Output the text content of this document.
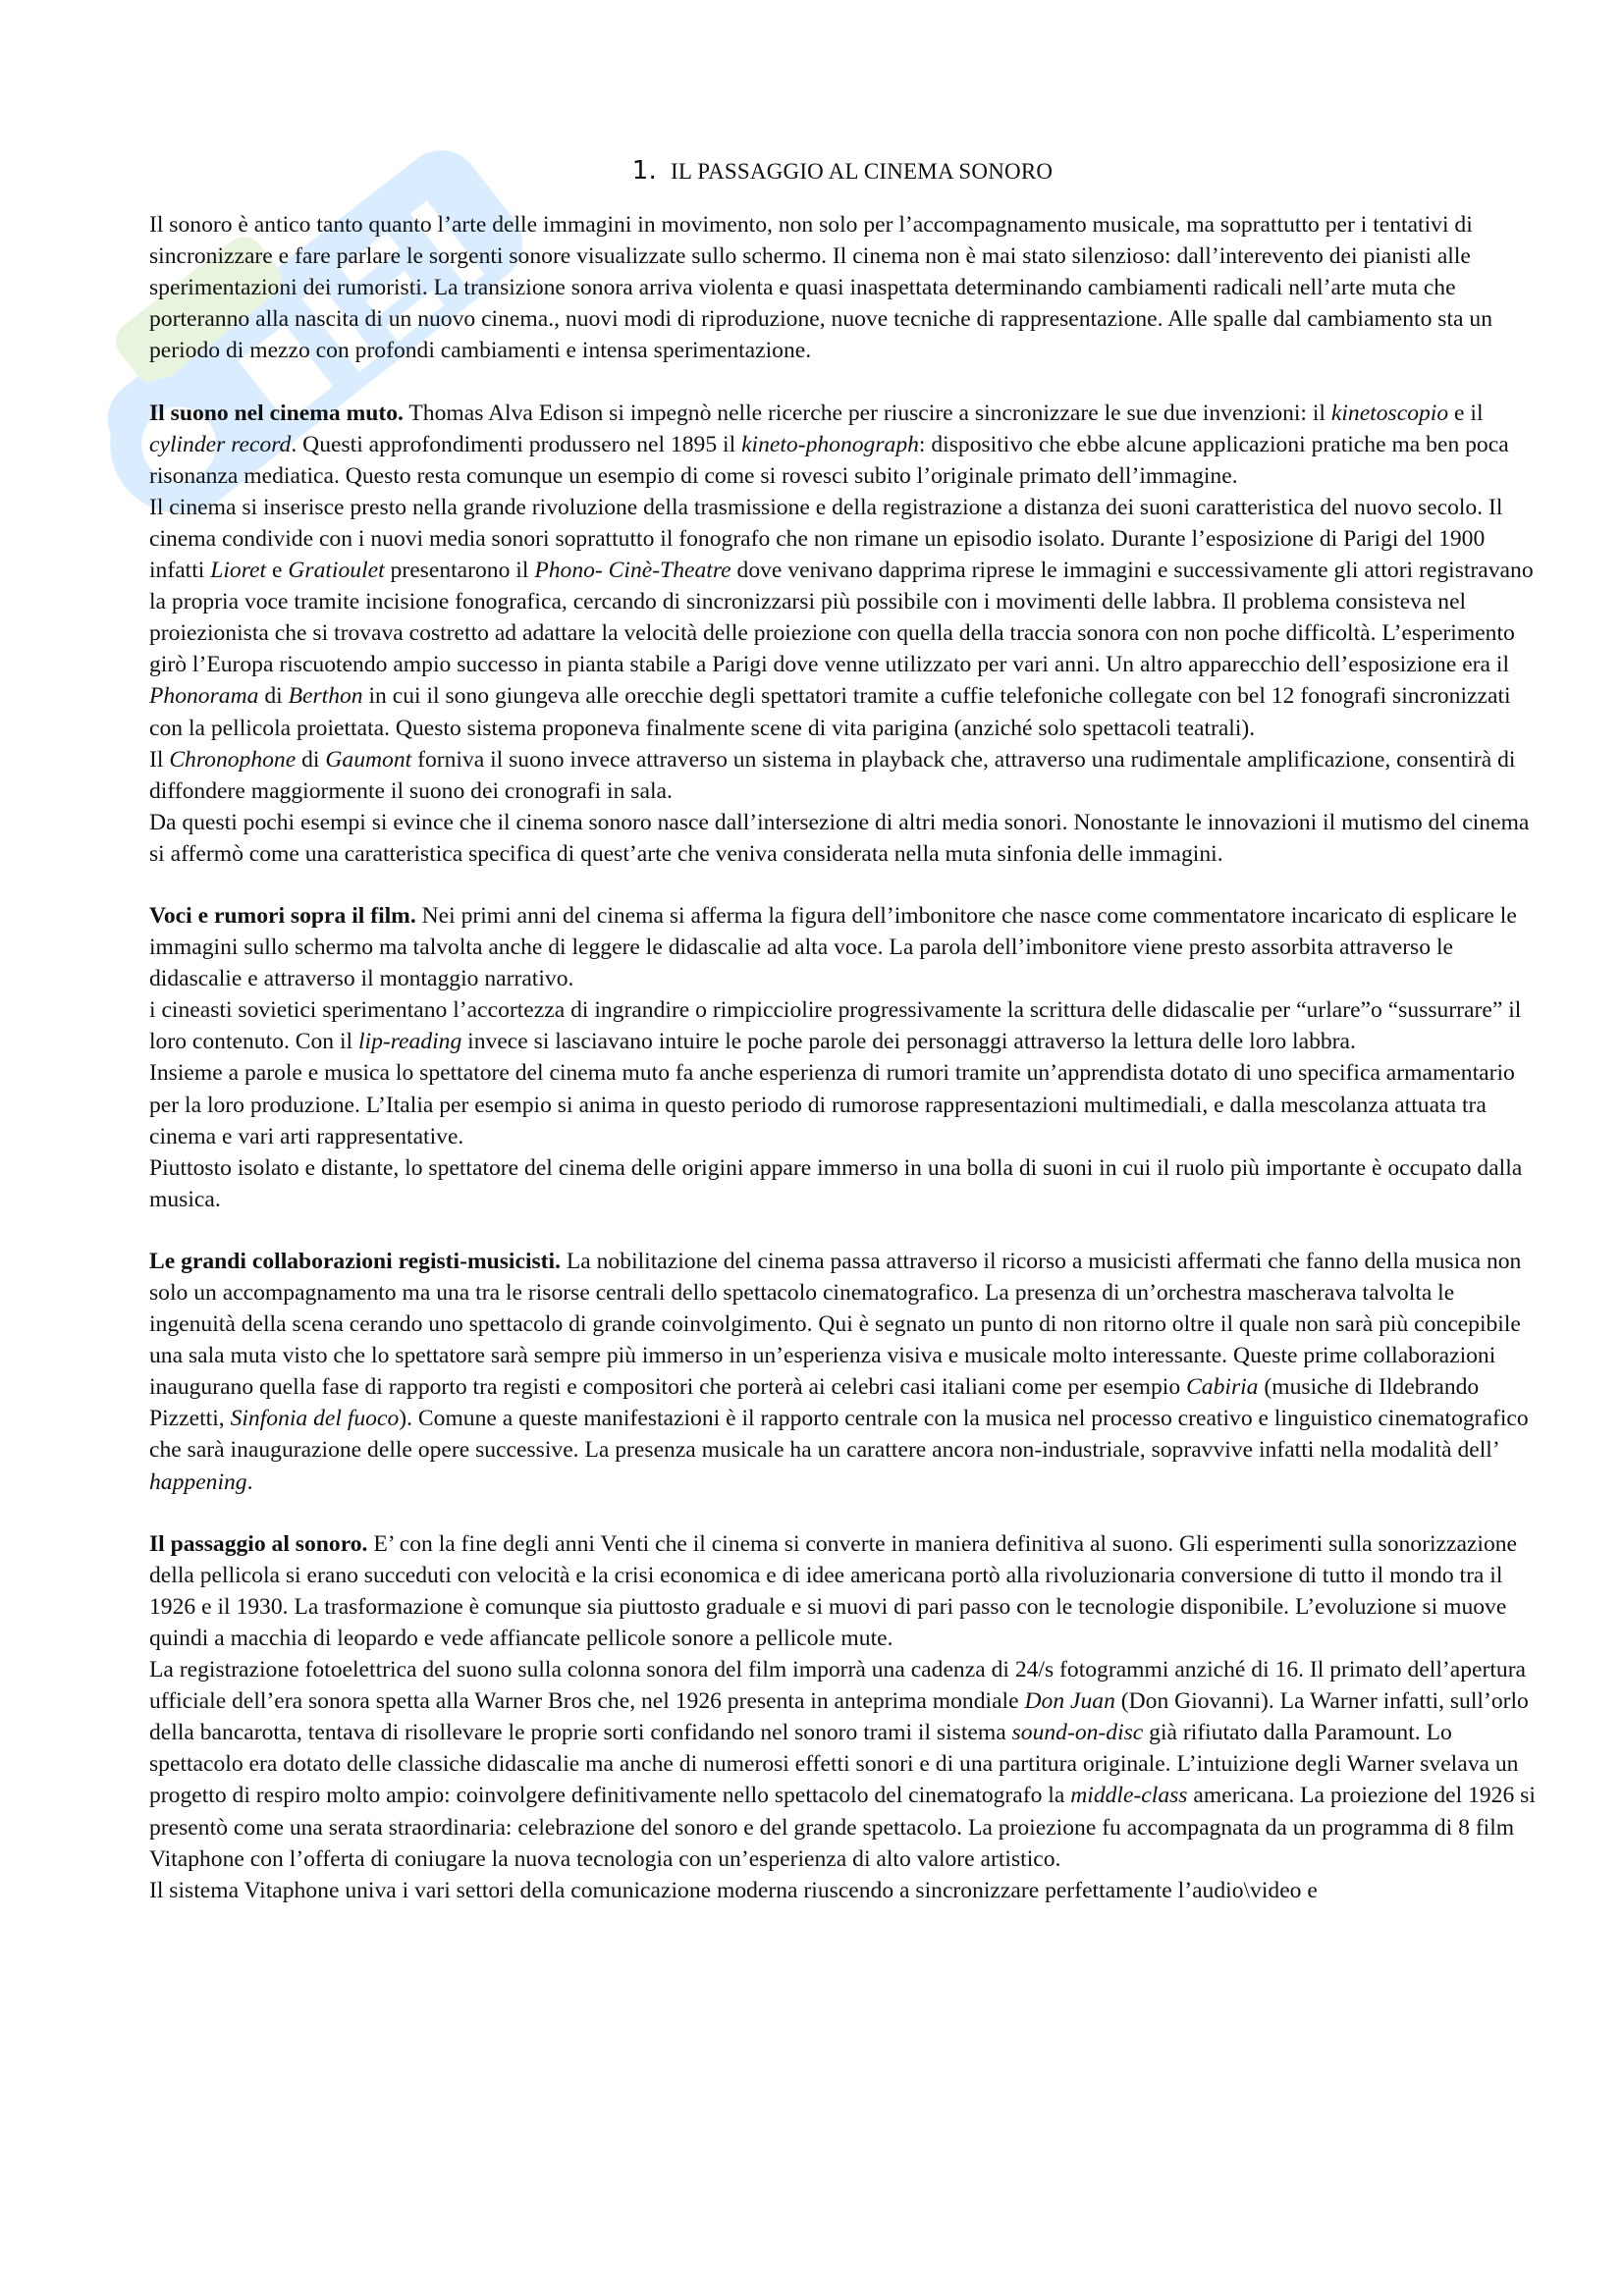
1. IL PASSAGGIO AL CINEMA SONORO

Il sonoro è antico tanto quanto l’arte delle immagini in movimento, non solo per l’accompagnamento musicale, ma soprattutto per i tentativi di sincronizzare e fare parlare le sorgenti sonore visualizzate sullo schermo. Il cinema non è mai stato silenzioso: dall’interevento dei pianisti alle sperimentazioni dei rumoristi. La transizione sonora arriva violenta e quasi inaspettata determinando cambiamenti radicali nell’arte muta che porteranno alla nascita di un nuovo cinema., nuovi modi di riproduzione, nuove tecniche di rappresentazione. Alle spalle dal cambiamento sta un periodo di mezzo con profondi cambiamenti e intensa sperimentazione.

Il suono nel cinema muto. Thomas Alva Edison si impegnò nelle ricerche per riuscire a sincronizzare le sue due invenzioni: il kinetoscopio e il cylinder record. Questi approfondimenti produssero nel 1895 il kineto-phonograph: dispositivo che ebbe alcune applicazioni pratiche ma ben poca risonanza mediatica. Questo resta comunque un esempio di come si rovesci subito l’originale primato dell’immagine.

Il cinema si inserisce presto nella grande rivoluzione della trasmissione e della registrazione a distanza dei suoni caratteristica del nuovo secolo. Il cinema condivide con i nuovi media sonori soprattutto il fonografo che non rimane un episodio isolato. Durante l’esposizione di Parigi del 1900 infatti Lioret e Gratioulet presentarono il Phono- Cinè-Theatre dove venivano dapprima riprese le immagini e successivamente gli attori registravano la propria voce tramite incisione fonografica, cercando di sincronizzarsi più possibile con i movimenti delle labbra. Il problema consisteva nel proiezionista che si trovava costretto ad adattare la velocità delle proiezione con quella della traccia sonora con non poche difficoltà. L’esperimento girò l’Europa riscuotendo ampio successo in pianta stabile a Parigi dove venne utilizzato per vari anni. Un altro apparecchio dell’esposizione era il Phonorama di Berthon in cui il sono giungeva alle orecchie degli spettatori tramite a cuffie telefoniche collegate con bel 12 fonografi sincronizzati con la pellicola proiettata. Questo sistema proponeva finalmente scene di vita parigina (anziché solo spettacoli teatrali).

Il Chronophone di Gaumont forniva il suono invece attraverso un sistema in playback che, attraverso una rudimentale amplificazione, consentirà di diffondere maggiormente il suono dei cronografi in sala.

Da questi pochi esempi si evince che il cinema sonoro nasce dall’intersezione di altri media sonori. Nonostante le innovazioni il mutismo del cinema si affermò come una caratteristica specifica di quest’arte che veniva considerata nella muta sinfonia delle immagini.

Voci e rumori sopra il film. Nei primi anni del cinema si afferma la figura dell’imbonitore che nasce come commentatore incaricato di esplicare le immagini sullo schermo ma talvolta anche di leggere le didascalie ad alta voce. La parola dell’imbonitore viene presto assorbita attraverso le didascalie e attraverso il montaggio narrativo.

i cineasti sovietici sperimentano l’accortezza di ingrandire o rimpicciolire progressivamente la scrittura delle didascalie per “urlare”o “sussurrare” il loro contenuto. Con il lip-reading invece si lasciavano intuire le poche parole dei personaggi attraverso la lettura delle loro labbra.

Insieme a parole e musica lo spettatore del cinema muto fa anche esperienza di rumori tramite un’apprendista dotato di uno specifica armamentario per la loro produzione. L’Italia per esempio si anima in questo periodo di rumorose rappresentazioni multimediali, e dalla mescolanza attuata tra cinema e vari arti rappresentative.

Piuttosto isolato e distante, lo spettatore del cinema delle origini appare immerso in una bolla di suoni in cui il ruolo più importante è occupato dalla musica.

Le grandi collaborazioni registi-musicisti. La nobilitazione del cinema passa attraverso il ricorso a musicisti affermati che fanno della musica non solo un accompagnamento ma una tra le risorse centrali dello spettacolo cinematografico. La presenza di un’orchestra mascherava talvolta le ingenuità della scena cerando uno spettacolo di grande coinvolgimento. Qui è segnato un punto di non ritorno oltre il quale non sarà più concepibile una sala muta visto che lo spettatore sarà sempre più immerso in un’esperienza visiva e musicale molto interessante. Queste prime collaborazioni inaugurano quella fase di rapporto tra registi e compositori che porterà ai celebri casi italiani come per esempio Cabiria (musiche di Ildebrando Pizzetti, Sinfonia del fuoco). Comune a queste manifestazioni è il rapporto centrale con la musica nel processo creativo e linguistico cinematografico che sarà inaugurazione delle opere successive. La presenza musicale ha un carattere ancora non-industriale, sopravvive infatti nella modalità dell’ happening.

Il passaggio al sonoro. E’ con la fine degli anni Venti che il cinema si converte in maniera definitiva al suono. Gli esperimenti sulla sonorizzazione della pellicola si erano succeduti con velocità e la crisi economica e di idee americana portò alla rivoluzionaria conversione di tutto il mondo tra il 1926 e il 1930. La trasformazione è comunque sia piuttosto graduale e si muovi di pari passo con le tecnologie disponibile. L’evoluzione si muove quindi a macchia di leopardo e vede affiancate pellicole sonore a pellicole mute.

La registrazione fotoelettrica del suono sulla colonna sonora del film imporrà una cadenza di 24/s fotogrammi anziché di 16. Il primato dell’apertura ufficiale dell’era sonora spetta alla Warner Bros che, nel 1926 presenta in anteprima mondiale Don Juan (Don Giovanni). La Warner infatti, sull’orlo della bancarotta, tentava di risollevare le proprie sorti confidando nel sonoro trami il sistema sound-on-disc già rifiutato dalla Paramount. Lo spettacolo era dotato delle classiche didascalie ma anche di numerosi effetti sonori e di una partitura originale. L’intuizione degli Warner svelava un progetto di respiro molto ampio: coinvolgere definitivamente nello spettacolo del cinematografo la middle-class americana. La proiezione del 1926 si presentò come una serata straordinaria: celebrazione del sonoro e del grande spettacolo. La proiezione fu accompagnata da un programma di 8 film Vitaphone con l’offerta di coniugare la nuova tecnologia con un’esperienza di alto valore artistico.

Il sistema Vitaphone univa i vari settori della comunicazione moderna riuscendo a sincronizzare perfettamente l’audio\video e
